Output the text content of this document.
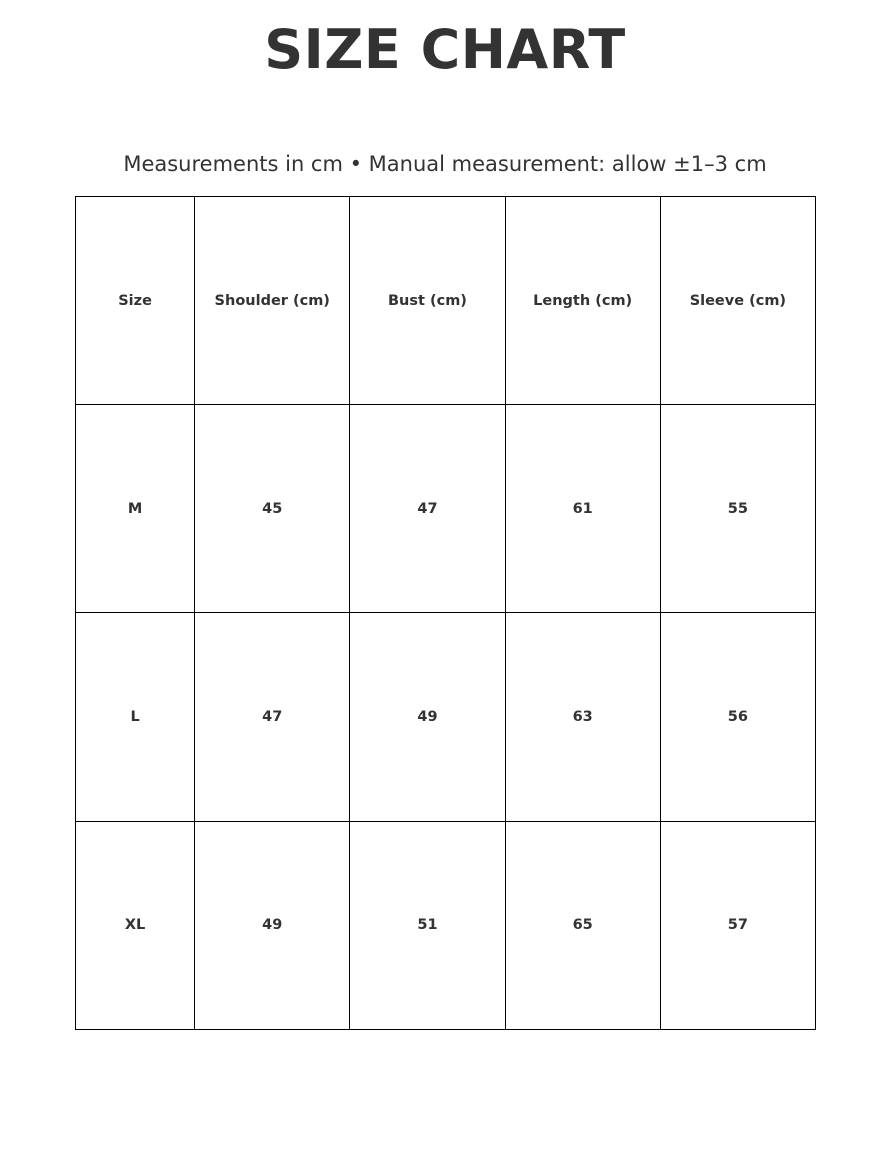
SIZE CHART
Measurements in cm • Manual measurement: allow ±1–3 cm
Size	Shoulder (cm)	Bust (cm)	Length (cm)	Sleeve (cm)
M	45	47	61	55
L	47	49	63	56
XL	49	51	65	57
